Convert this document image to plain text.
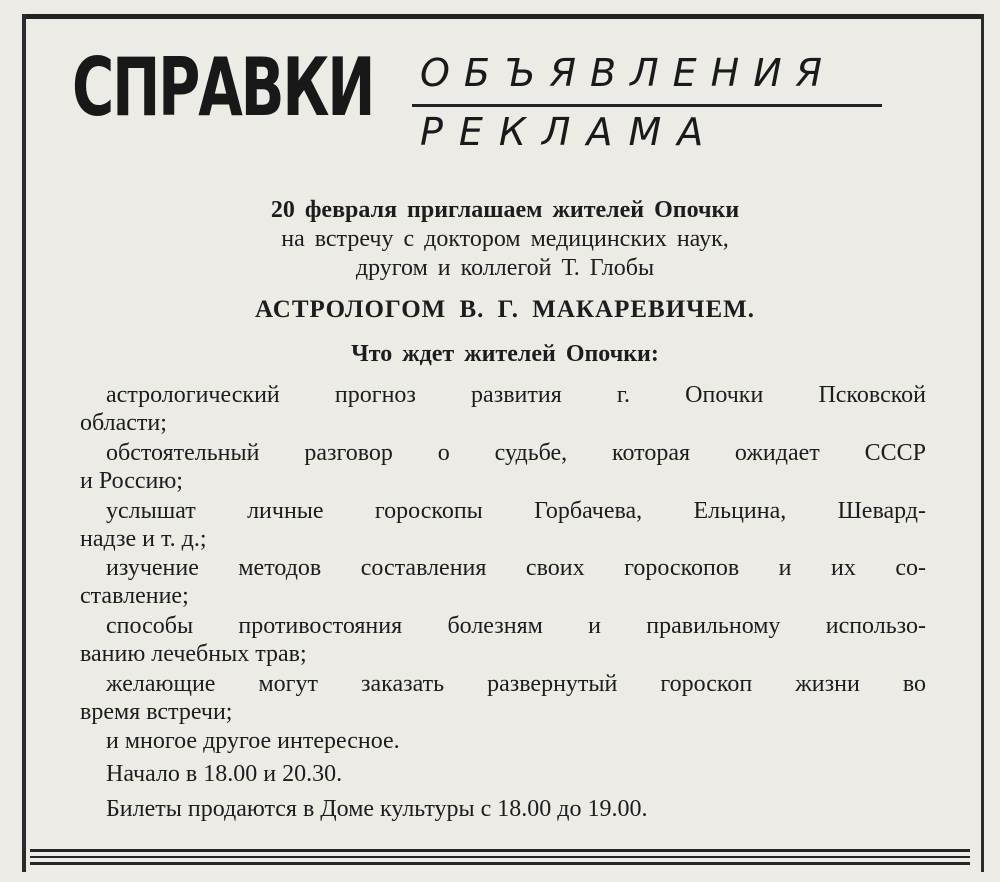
СПРАВКИ ОБЪЯВЛЕНИЯ
РЕКЛАМА
20 февраля приглашаем жителей Опочки
на встречу с доктором медицинских наук,
другом и коллегой Т. Глобы
АСТРОЛОГОМ В. Г. МАКАРЕВИЧЕМ.
Что ждет жителей Опочки:
астрологический прогноз развития г. Опочки Псковской
области;
обстоятельный разговор о судьбе, которая ожидает СССР
и Россию;
услышат личные гороскопы Горбачева, Ельцина, Шевард-
надзе и т. д.;
изучение методов составления своих гороскопов и их со-
ставление;
способы противостояния болезням и правильному использо-
ванию лечебных трав;
желающие могут заказать развернутый гороскоп жизни во
время встречи;
и многое другое интересное.
Начало в 18.00 и 20.30.
Билеты продаются в Доме культуры с 18.00 до 19.00.
